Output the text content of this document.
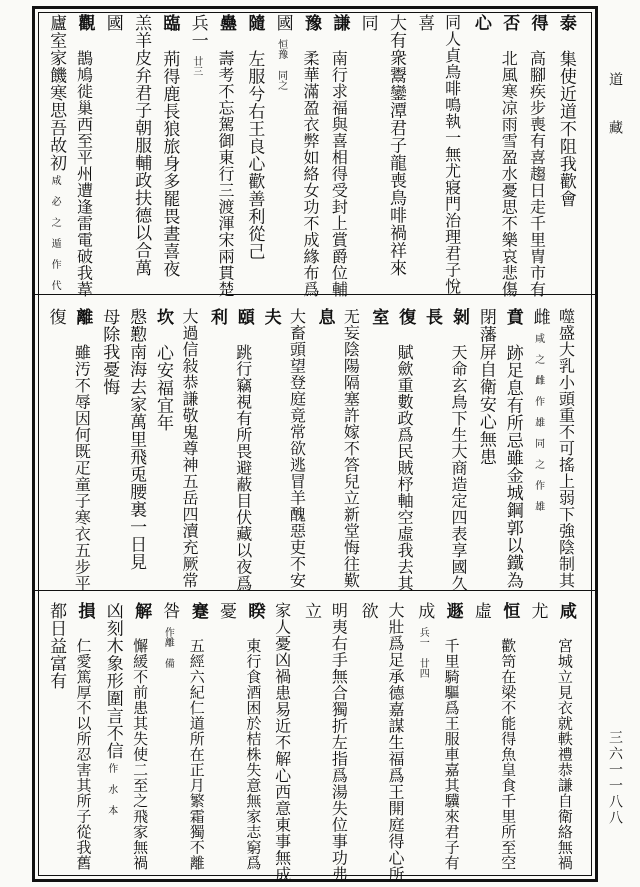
道
藏
三六一一八八
泰
集使近道不阻我歡會
得
高腳疾步喪有喜趨日走千里冑市有
否
北風寒凉雨雪盈水憂思不樂哀悲傷
心
同人貞鳥啡鳴執一無尤寢門治理君子悅
喜
大有衆鬻鑾潭君子龍喪鳥啡禍祥來
同
謙
南行求福與喜相得受封上賞爵位輔
豫
柔華滿盈衣弊如絡女功不成緣布爲
國
恒豫 同之
隨
左服兮右王良心歡善利從己
蠱
壽考不忘駕御東行三渡渾宋兩貫楚
兵一
廿三
臨
荊得鹿長狼旅身多罷畏晝喜夜
羔羊皮弁君子朝服輔政扶德以合萬
國
觀
鵲鳩徙巢西至平州遭逢雷電破我葦
廬室家饑寒思吾故初
咸 必 之 遁 作 代
噬盛大乳小頭重不可搖上弱下強陰制其
雌
咸 之 雌 作 雄 同 之 作 雄
賁
跡足息有所忌雖金城鋼郭以鐵為
閉藩屏自衛安心無患
剝
天命玄鳥下生大商造定四表享國久
長
復
賦歛重數政爲民賊杼軸空虛我去其
室
无妄陰陽隔塞許嫁不答兒立新堂悔往歎
息
大畜頭望登庭竟常欲逃冒羊醜惡吏不安
夫
頤
跳行竊視有所畏避蔽目伏藏以夜爲
利
大過信敍恭謙敬鬼尊神五岳四瀆充厥常
坎
心安福宜年
慇懃南海去家萬里飛兎腰裏一日見
母除我憂悔
離
雖汚不辱因何既疋童子寒衣五步平
復
咸
宮城立見衣就軼禮恭謙自衛絡無禍
尤
恒
歡笥在梁不能得魚皇食千里所至空
虛
遯
千里騎驅爲王服車嘉其驥來君子有
成
兵一 廿四
大壯爲足承德嘉謀生福爲王開庭得心所
欲
明夷右手無合獨折左指爲湯失位事功弗
立
家人憂凶禍患易近不解心西意東事無成
睽
東行食酒困於桔株失意無家志窮爲
憂
蹇
五經六紀仁道所在正月繁霜獨不離
咎
作離 備
解
懈緩不前患其失使二至之飛家無禍
凶刻木象形圍言不信
作 水 本
損
仁愛篤厚不以所忍害其所子從我舊
都日益富有
